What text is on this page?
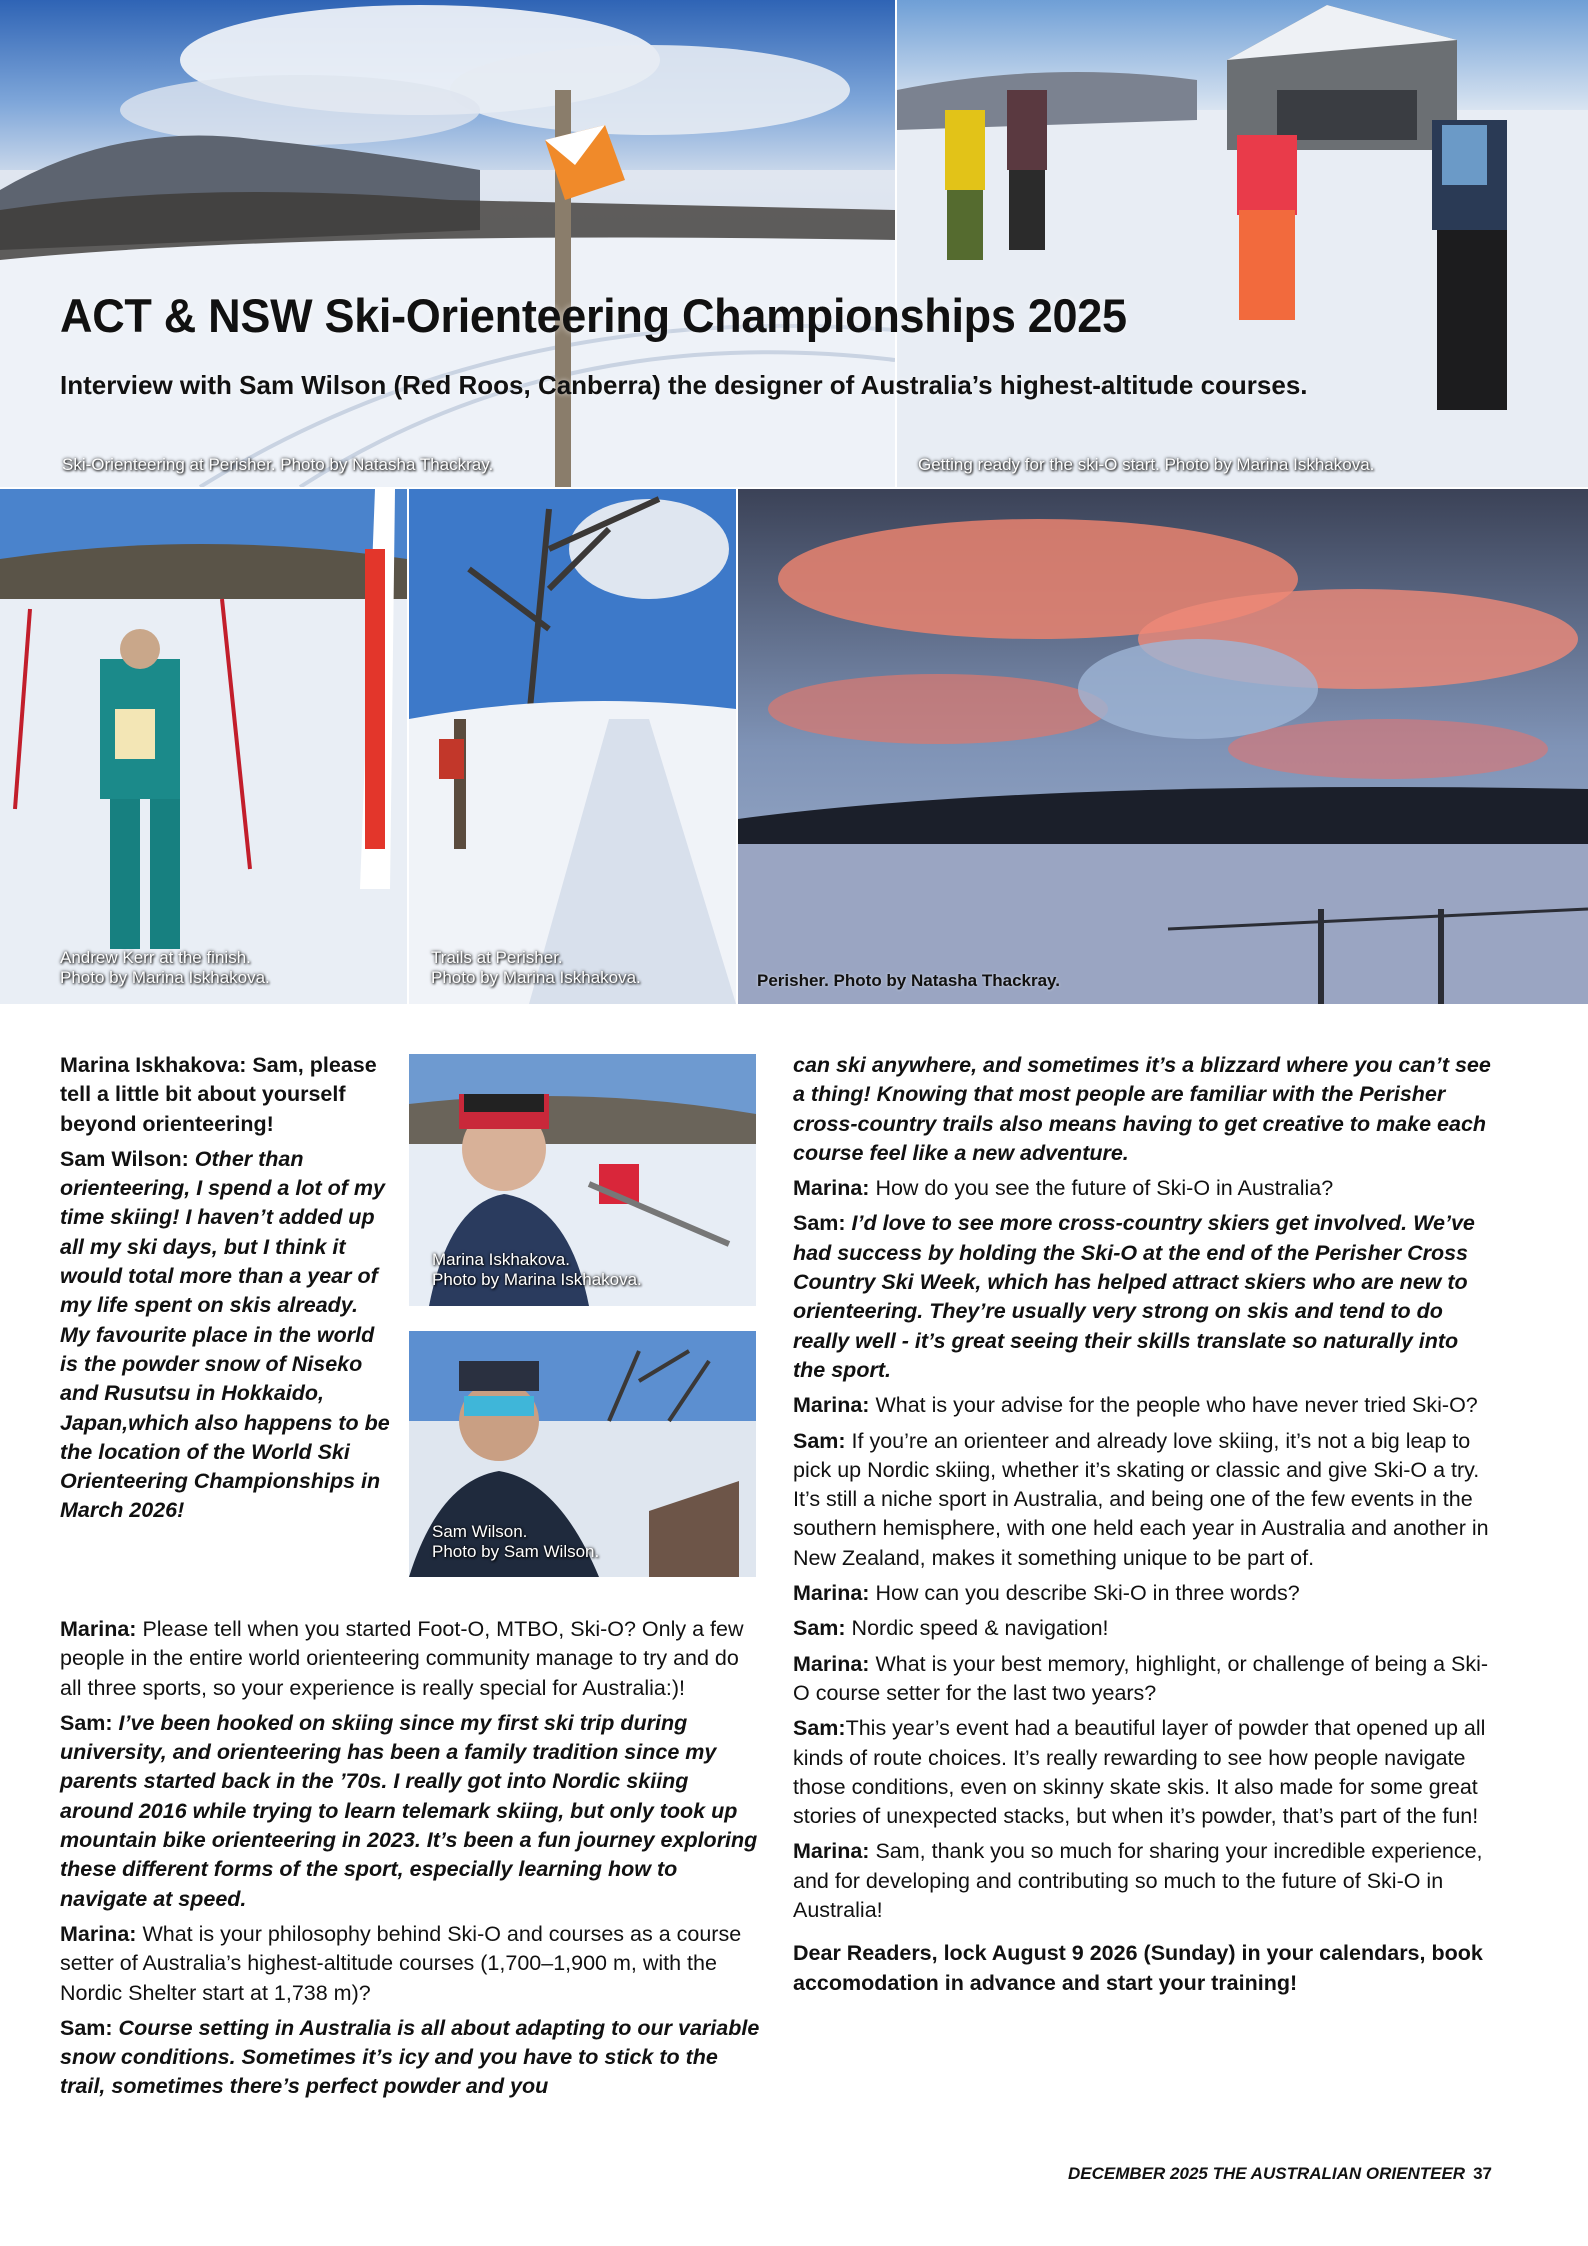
Ski-Orienteering at Perisher. Photo by Natasha Thackray.	Getting ready for the ski-O start. Photo by Marina Iskhakova.
ACT & NSW Ski-Orienteering Championships 2025
Interview with Sam Wilson (Red Roos, Canberra) the designer of Australia’s highest-altitude courses.
Andrew Kerr at the finish.
Photo by Marina Iskhakova.
Trails at Perisher.
Photo by Marina Iskhakova.	Perisher. Photo by Natasha Thackray.
Marina Iskhakova.
Photo by Marina Iskhakova.
Sam Wilson.
Photo by Sam Wilson.

Marina Iskhakova: Sam, please tell a little bit about yourself beyond orienteering!

Sam Wilson: Other than orienteering, I spend a lot of my time skiing! I haven’t added up all my ski days, but I think it would total more than a year of my life spent on skis already. My favourite place in the world is the powder snow of Niseko and Rusutsu in Hokkaido, Japan,which also happens to be the location of the World Ski Orienteering Championships in March 2026!

Marina: Please tell when you started Foot-O, MTBO, Ski-O? Only a few people in the entire world orienteering community manage to try and do all three sports, so your experience is really special for Australia:)!

Sam: I’ve been hooked on skiing since my first ski trip during university, and orienteering has been a family tradition since my parents started back in the ’70s. I really got into Nordic skiing around 2016 while trying to learn telemark skiing, but only took up mountain bike orienteering in 2023. It’s been a fun journey exploring these different forms of the sport, especially learning how to navigate at speed.

Marina: What is your philosophy behind Ski-O and courses as a course setter of Australia’s highest-altitude courses (1,700–1,900 m, with the Nordic Shelter start at 1,738 m)?

Sam: Course setting in Australia is all about adapting to our variable snow conditions. Sometimes it’s icy and you have to stick to the trail, sometimes there’s perfect powder and you

can ski anywhere, and sometimes it’s a blizzard where you can’t see a thing! Knowing that most people are familiar with the Perisher cross-country trails also means having to get creative to make each course feel like a new adventure.

Marina: How do you see the future of Ski-O in Australia?

Sam: I’d love to see more cross-country skiers get involved. We’ve had success by holding the Ski-O at the end of the Perisher Cross Country Ski Week, which has helped attract skiers who are new to orienteering. They’re usually very strong on skis and tend to do really well - it’s great seeing their skills translate so naturally into the sport.

Marina: What is your advise for the people who have never tried Ski-O?

Sam: If you’re an orienteer and already love skiing, it’s not a big leap to pick up Nordic skiing, whether it’s skating or classic and give Ski-O a try. It’s still a niche sport in Australia, and being one of the few events in the southern hemisphere, with one held each year in Australia and another in New Zealand, makes it something unique to be part of.

Marina: How can you describe Ski-O in three words?

Sam: Nordic speed & navigation!

Marina: What is your best memory, highlight, or challenge of being a Ski-O course setter for the last two years?

Sam:This year’s event had a beautiful layer of powder that opened up all kinds of route choices. It’s really rewarding to see how people navigate those conditions, even on skinny skate skis. It also made for some great stories of unexpected stacks, but when it’s powder, that’s part of the fun!

Marina: Sam, thank you so much for sharing your incredible experience, and for developing and contributing so much to the future of Ski-O in Australia!

Dear Readers, lock August 9 2026 (Sunday) in your calendars, book accomodation in advance and start your training!

DECEMBER 2025 THE AUSTRALIAN ORIENTEER 37
